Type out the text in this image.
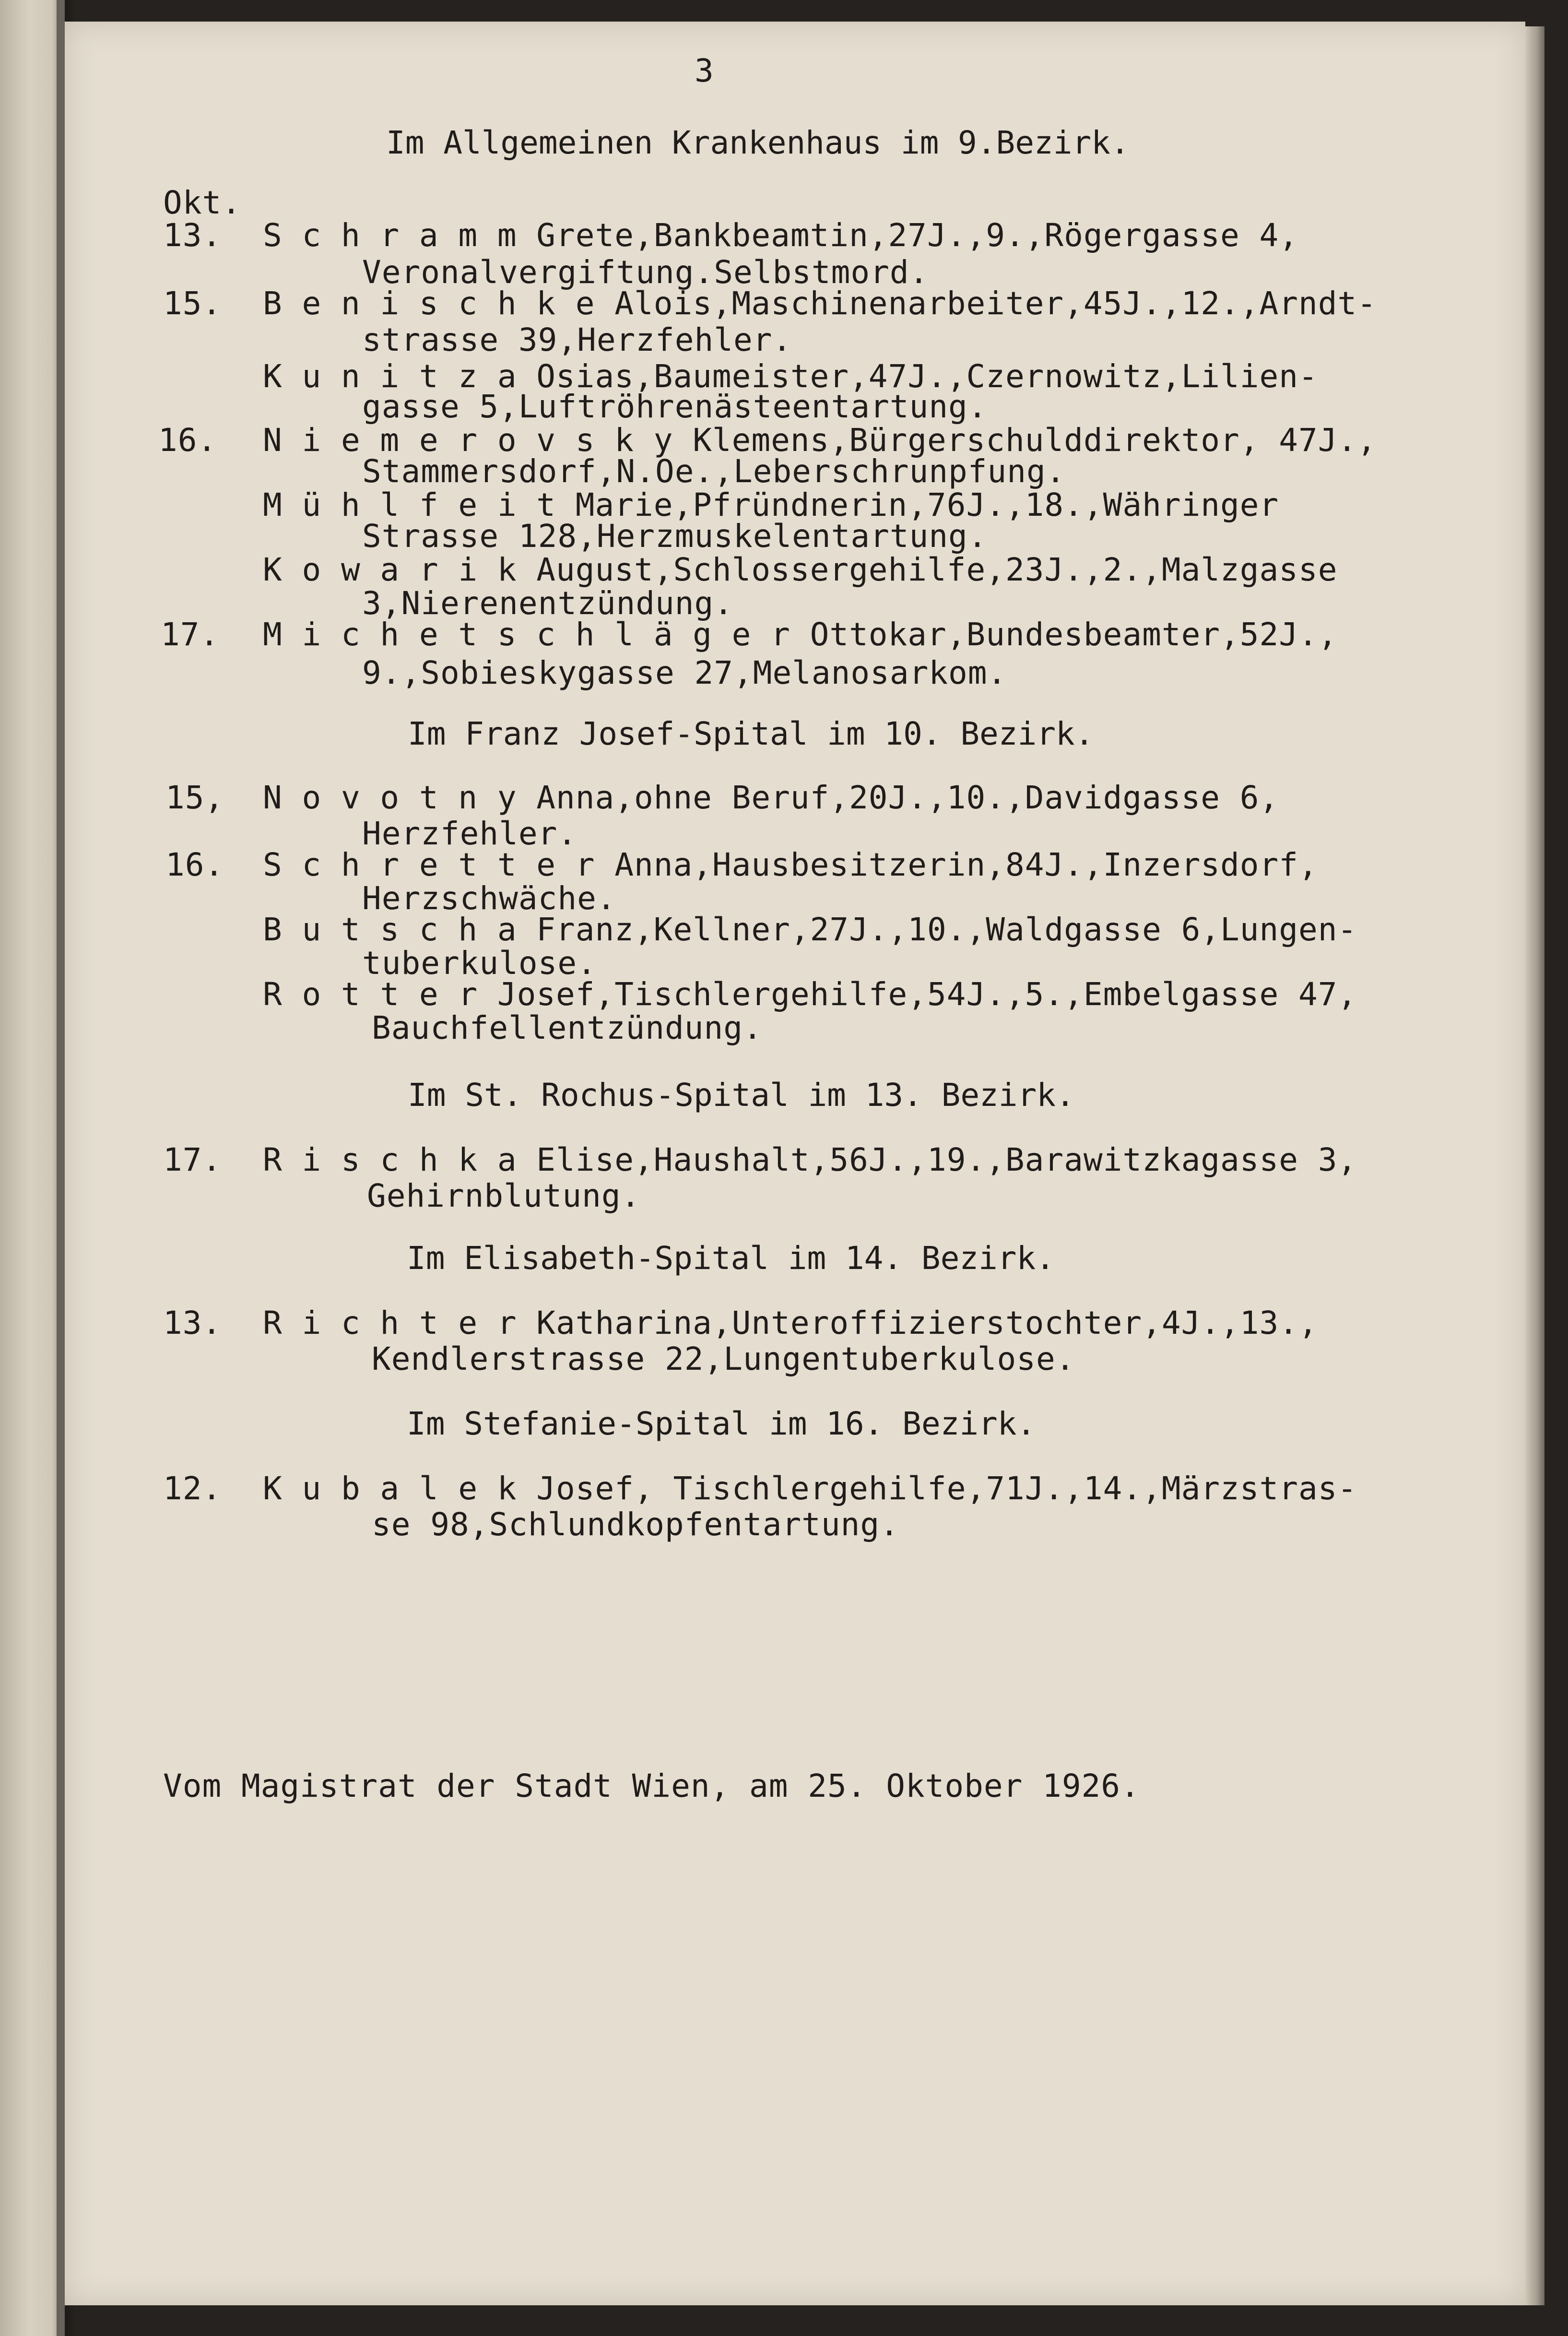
3
Im Allgemeinen Krankenhaus im 9.Bezirk.
Okt.
13. S c h r a m m Grete,Bankbeamtin,27J.,9.,Rögergasse 4,
Veronalvergiftung.Selbstmord.
15. B e n i s c h k e Alois,Maschinenarbeiter,45J.,12.,Arndt-
strasse 39,Herzfehler.
K u n i t z a Osias,Baumeister,47J.,Czernowitz,Lilien-
gasse 5,Luftröhrenästeentartung.
16. N i e m e r o v s k y Klemens,Bürgerschulddirektor, 47J.,
Stammersdorf,N.Oe.,Leberschrunpfung.
M ü h l f e i t Marie,Pfründnerin,76J.,18.,Währinger
Strasse 128,Herzmuskelentartung.
K o w a r i k August,Schlossergehilfe,23J.,2.,Malzgasse
3,Nierenentzündung.
17. M i c h e t s c h l ä g e r Ottokar,Bundesbeamter,52J.,
9.,Sobieskygasse 27,Melanosarkom.
Im Franz Josef-Spital im 10. Bezirk.
15, N o v o t n y Anna,ohne Beruf,20J.,10.,Davidgasse 6,
Herzfehler.
16. S c h r e t t e r Anna,Hausbesitzerin,84J.,Inzersdorf,
Herzschwäche.
B u t s c h a Franz,Kellner,27J.,10.,Waldgasse 6,Lungen-
tuberkulose.
R o t t e r Josef,Tischlergehilfe,54J.,5.,Embelgasse 47,
Bauchfellentzündung.
Im St. Rochus-Spital im 13. Bezirk.
17. R i s c h k a Elise,Haushalt,56J.,19.,Barawitzkagasse 3,
Gehirnblutung.
Im Elisabeth-Spital im 14. Bezirk.
13. R i c h t e r Katharina,Unteroffizierstochter,4J.,13.,
Kendlerstrasse 22,Lungentuberkulose.
Im Stefanie-Spital im 16. Bezirk.
12. K u b a l e k Josef, Tischlergehilfe,71J.,14.,Märzstras-
se 98,Schlundkopfentartung.
Vom Magistrat der Stadt Wien, am 25. Oktober 1926.
